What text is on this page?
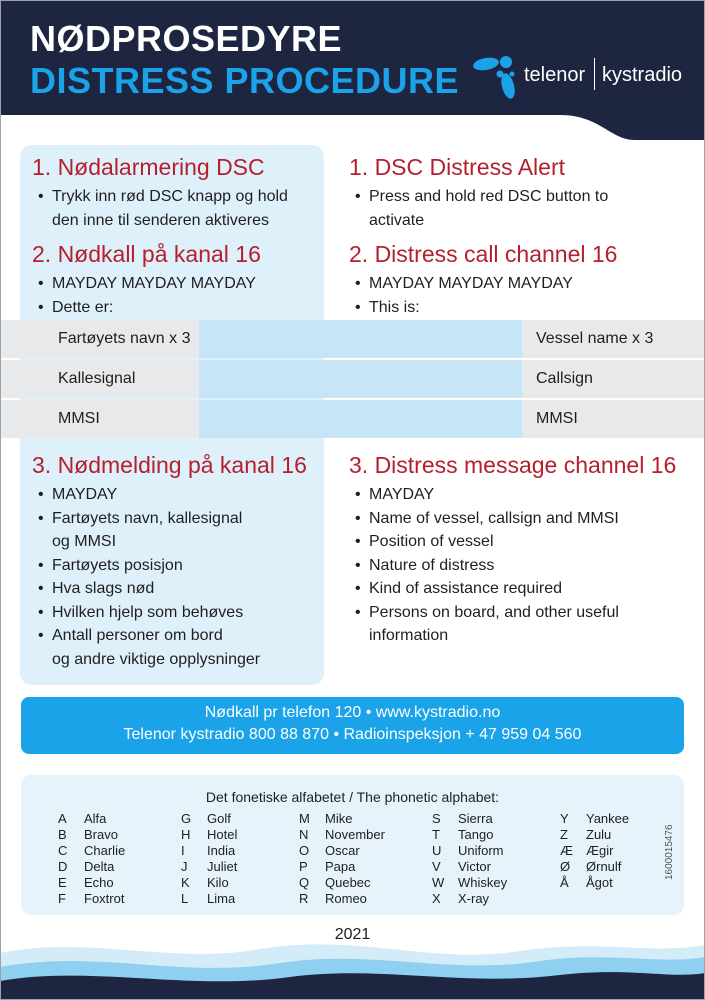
NØDPROSEDYRE
DISTRESS PROCEDURE	telenor kystradio
safety at sea
1. Nødalarmering DSC
• Trykk inn rød DSC knapp og hold
den inne til senderen aktiveres
2. Nødkall på kanal 16
• MAYDAY MAYDAY MAYDAY
• Dette er:
1. DSC Distress Alert
• Press and hold red DSC button to
activate
2. Distress call channel 16
• MAYDAY MAYDAY MAYDAY
• This is:
Fartøyets navn x 3	Vessel name x 3
Kallesignal	Callsign
MMSI	MMSI
3. Nødmelding på kanal 16
• MAYDAY
• Fartøyets navn, kallesignal
og MMSI
• Fartøyets posisjon
• Hva slags nød
• Hvilken hjelp som behøves
• Antall personer om bord
og andre viktige opplysninger
3. Distress message channel 16
• MAYDAY
• Name of vessel, callsign and MMSI
• Position of vessel
• Nature of distress
• Kind of assistance required
• Persons on board, and other useful
information
Nødkall pr telefon 120 • www.kystradio.no
Telenor kystradio 800 88 870 • Radioinspeksjon + 47 959 04 560
Det fonetiske alfabetet / The phonetic alphabet:
A Alfa
B Bravo
C Charlie
D Delta
E Echo
F Foxtrot
G Golf
H Hotel
I India
J Juliet
K Kilo
L Lima
M Mike
N November
O Oscar
P Papa
Q Quebec
R Romeo
S Sierra
T Tango
U Uniform
V Victor
W Whiskey
X X-ray
Y Yankee
Z Zulu
Æ Ægir
Ø Ørnulf
Å Ågot
1600015476
2021
